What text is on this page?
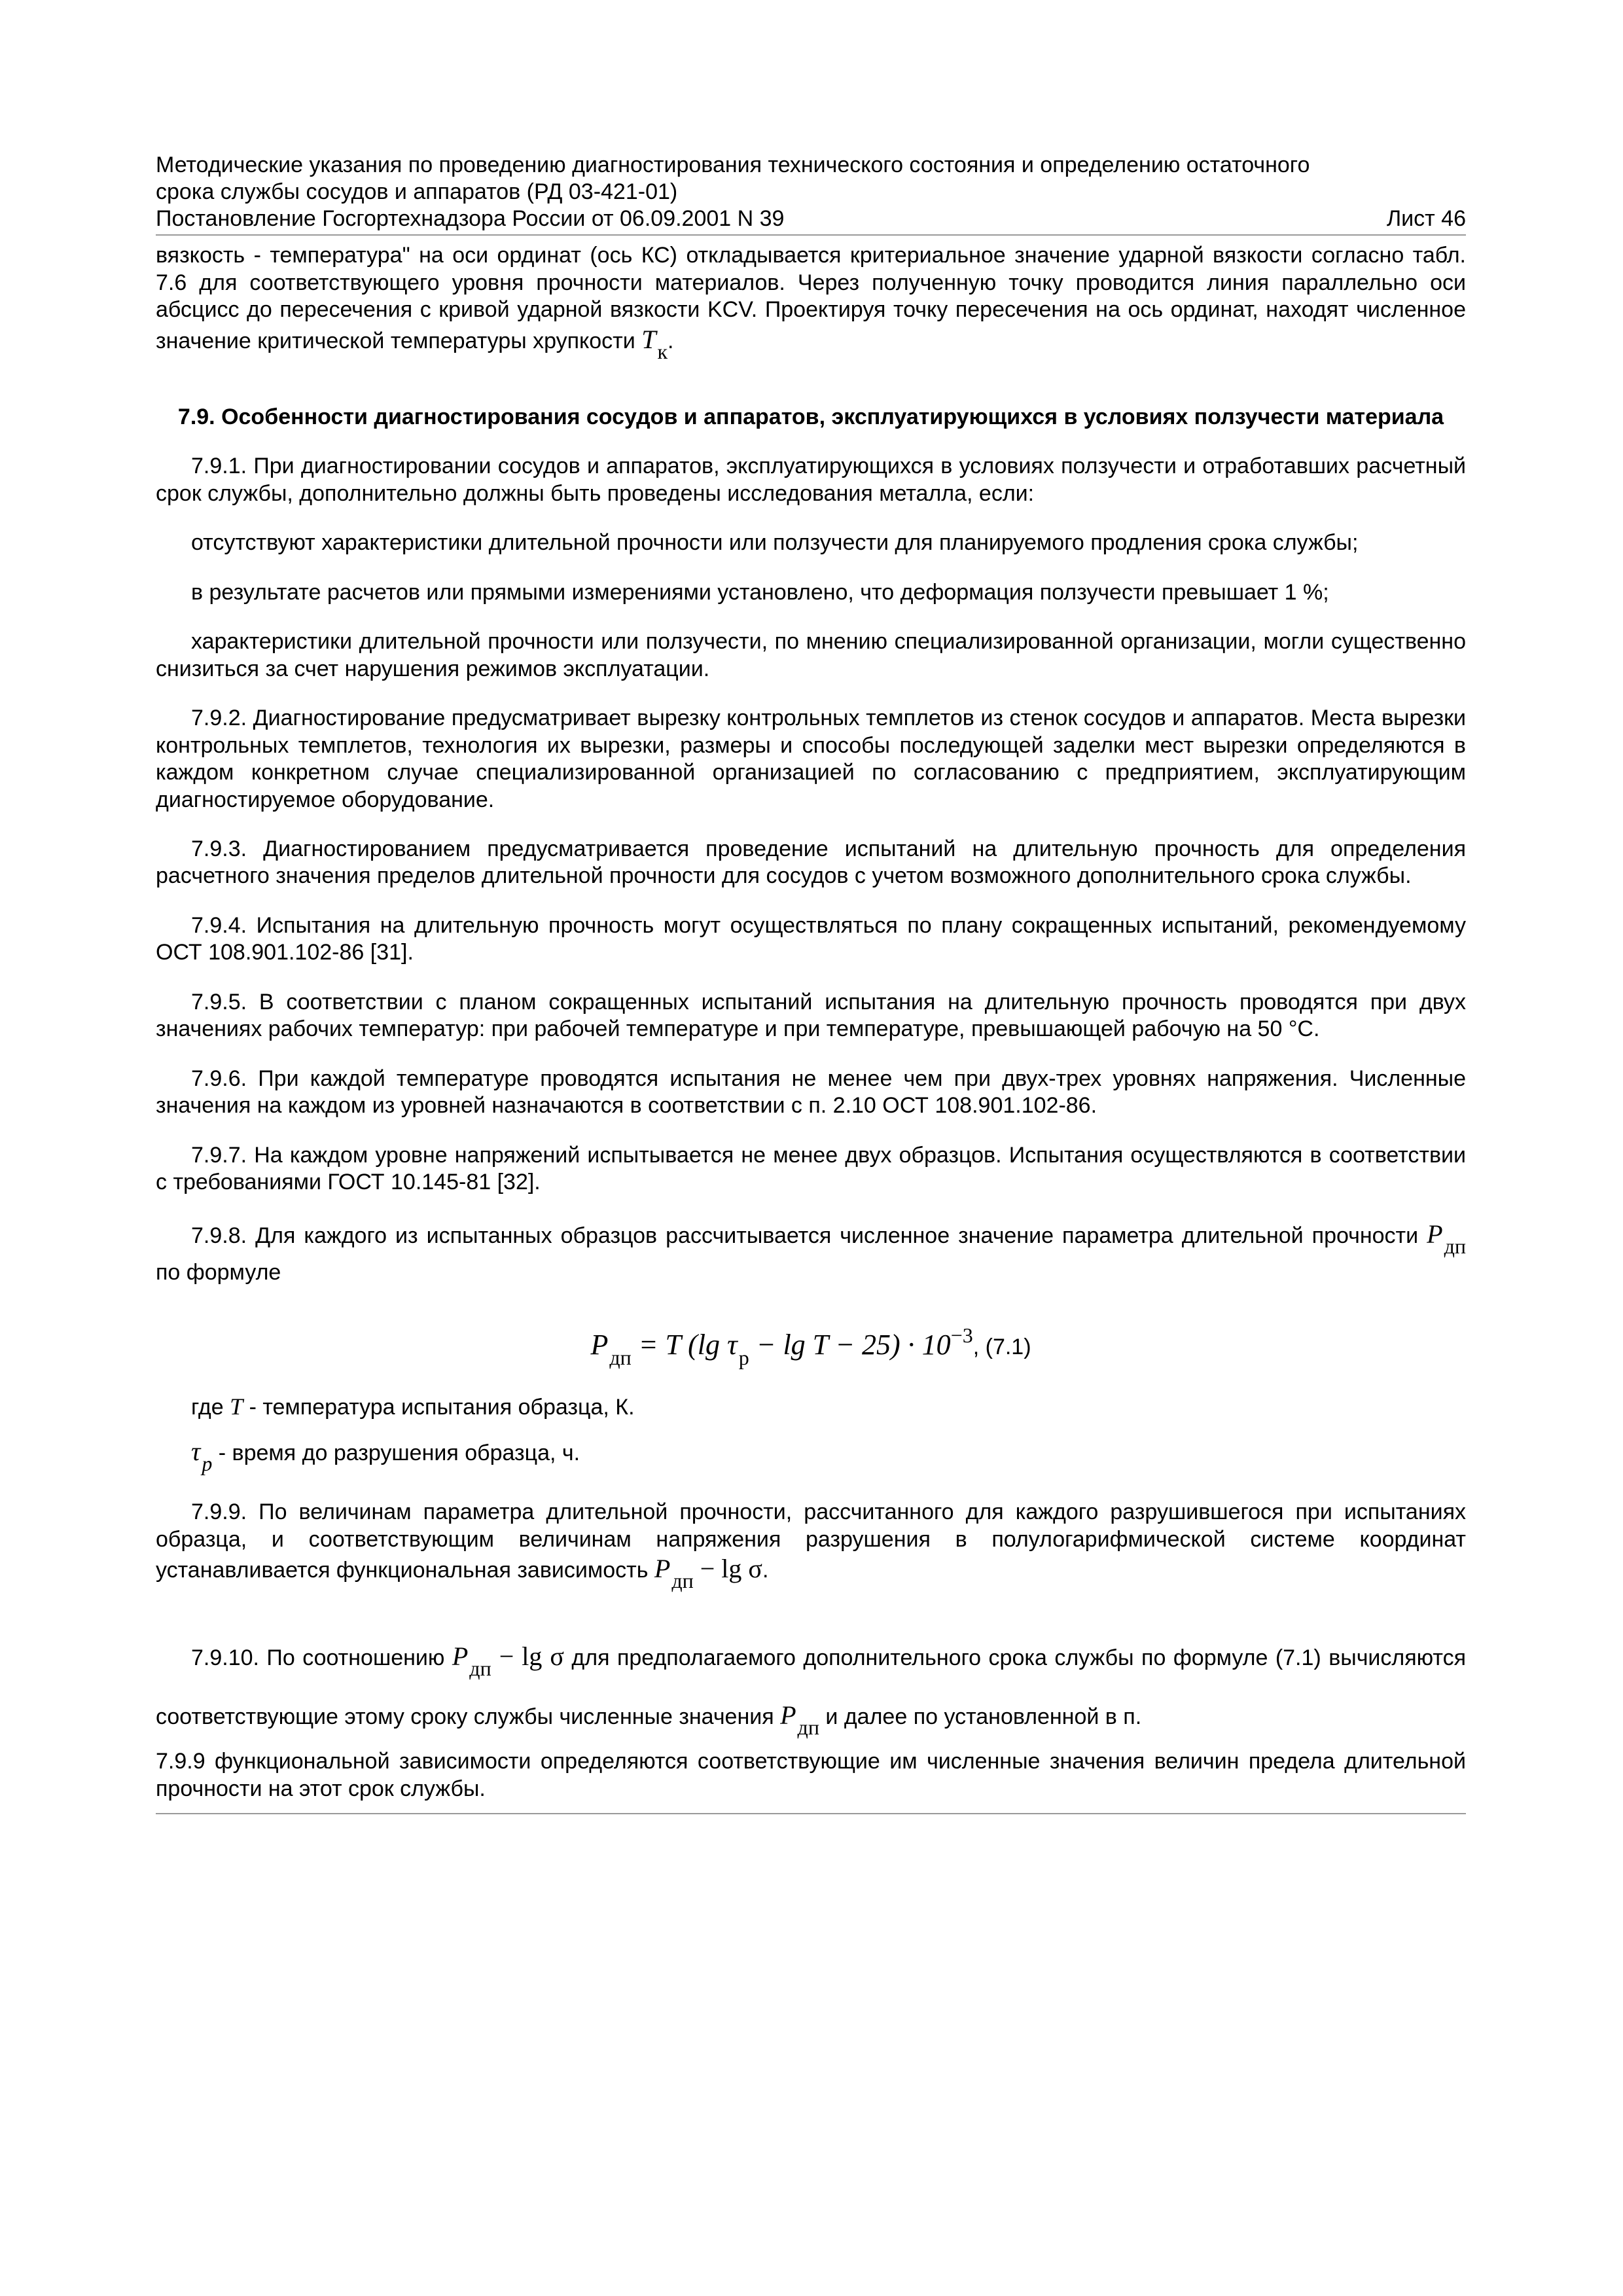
Методические указания по проведению диагностирования технического состояния и определению остаточного
срока службы сосудов и аппаратов (РД 03-421-01)
Постановление Госгортехнадзора России от 06.09.2001 N 39	Лист 46

вязкость - температура" на оси ординат (ось КС) откладывается критериальное значение ударной вязкости согласно табл. 7.6 для соответствующего уровня прочности материалов. Через полученную точку проводится линия параллельно оси абсцисс до пересечения с кривой ударной вязкости KCV. Проектируя точку пересечения на ось ординат, находят численное значение критической температуры хрупкости $T_к$.

7.9. Особенности диагностирования сосудов и аппаратов, эксплуатирующихся в условиях ползучести материала

7.9.1. При диагностировании сосудов и аппаратов, эксплуатирующихся в условиях ползучести и отработавших расчетный срок службы, дополнительно должны быть проведены исследования металла, если:

отсутствуют характеристики длительной прочности или ползучести для планируемого продления срока службы;

в результате расчетов или прямыми измерениями установлено, что деформация ползучести превышает 1 %;

характеристики длительной прочности или ползучести, по мнению специализированной организации, могли существенно снизиться за счет нарушения режимов эксплуатации.

7.9.2. Диагностирование предусматривает вырезку контрольных темплетов из стенок сосудов и аппаратов. Места вырезки контрольных темплетов, технология их вырезки, размеры и способы последующей заделки мест вырезки определяются в каждом конкретном случае специализированной организацией по согласованию с предприятием, эксплуатирующим диагностируемое оборудование.

7.9.3. Диагностированием предусматривается проведение испытаний на длительную прочность для определения расчетного значения пределов длительной прочности для сосудов с учетом возможного дополнительного срока службы.

7.9.4. Испытания на длительную прочность могут осуществляться по плану сокращенных испытаний, рекомендуемому ОСТ 108.901.102-86 [31].

7.9.5. В соответствии с планом сокращенных испытаний испытания на длительную прочность проводятся при двух значениях рабочих температур: при рабочей температуре и при температуре, превышающей рабочую на 50 °С.

7.9.6. При каждой температуре проводятся испытания не менее чем при двух-трех уровнях напряжения. Численные значения на каждом из уровней назначаются в соответствии с п. 2.10 ОСТ 108.901.102-86.

7.9.7. На каждом уровне напряжений испытывается не менее двух образцов. Испытания осуществляются в соответствии с требованиями ГОСТ 10.145-81 [32].

7.9.8. Для каждого из испытанных образцов рассчитывается численное значение параметра длительной прочности $P_{дп}$ по формуле

$P_{дп} = T$ (lg $\tau_p - \lg T - 25) \cdot 10^{-3}$, (7.1)

где T - температура испытания образца, К.

$\tau_p$ - время до разрушения образца, ч.

7.9.9. По величинам параметра длительной прочности, рассчитанного для каждого разрушившегося при испытаниях образца, и соответствующим величинам напряжения разрушения в полулогарифмической системе координат устанавливается функциональная зависимость $P_{дп} - \lg \sigma$.

7.9.10. По соотношению $P_{дп} - \lg \sigma$ для предполагаемого дополнительного срока службы по формуле (7.1) вычисляются соответствующие этому сроку службы численные значения $P_{дп}$ и далее по установленной в п.

7.9.9 функциональной зависимости определяются соответствующие им численные значения величин предела длительной прочности на этот срок службы.
